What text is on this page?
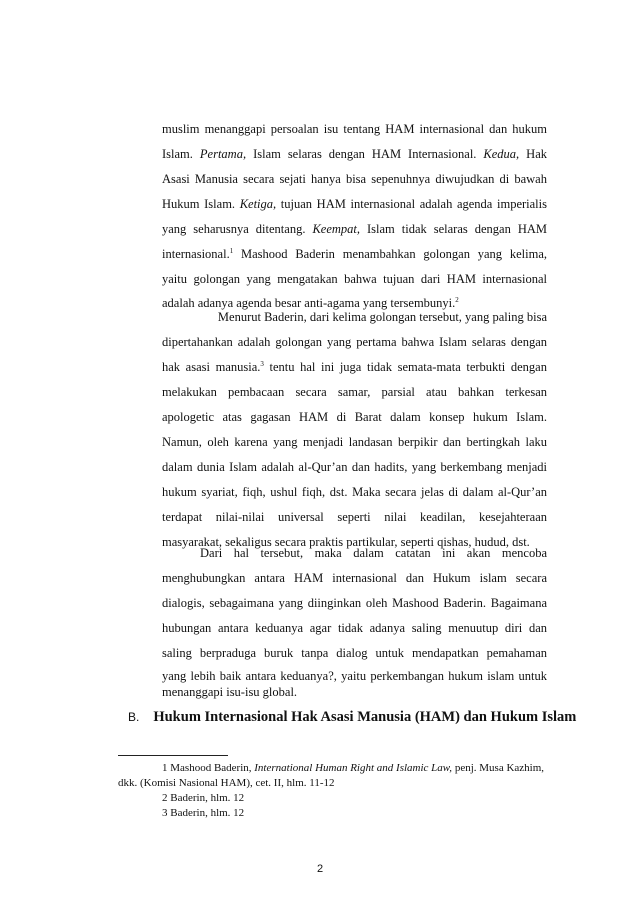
muslim menanggapi persoalan isu tentang HAM internasional dan hukum
Islam. Pertama, Islam selaras dengan HAM Internasional. Kedua, Hak
Asasi Manusia secara sejati hanya bisa sepenuhnya diwujudkan di bawah
Hukum Islam. Ketiga, tujuan HAM internasional adalah agenda imperialis
yang seharusnya ditentang. Keempat, Islam tidak selaras dengan HAM
internasional.$^1$ Mashood Baderin menambahkan golongan yang kelima,
yaitu golongan yang mengatakan bahwa tujuan dari HAM internasional
adalah adanya agenda besar anti-agama yang tersembunyi.$^2$
Menurut Baderin, dari kelima golongan tersebut, yang paling bisa
dipertahankan adalah golongan yang pertama bahwa Islam selaras dengan
hak asasi manusia.$^3$ tentu hal ini juga tidak semata-mata terbukti dengan
melakukan pembacaan secara samar, parsial atau bahkan terkesan
apologetic atas gagasan HAM di Barat dalam konsep hukum Islam.
Namun, oleh karena yang menjadi landasan berpikir dan bertingkah laku
dalam dunia Islam adalah al-Qur’an dan hadits, yang berkembang menjadi
hukum syariat, fiqh, ushul fiqh, dst. Maka secara jelas di dalam al-Qur’an
terdapat nilai-nilai universal seperti nilai keadilan, kesejahteraan
masyarakat, sekaligus secara praktis partikular, seperti qishas, hudud, dst.
Dari hal tersebut, maka dalam catatan ini akan mencoba
menghubungkan antara HAM internasional dan Hukum islam secara
dialogis, sebagaimana yang diinginkan oleh Mashood Baderin. Bagaimana
hubungan antara keduanya agar tidak adanya saling menuutup diri dan
saling berpraduga buruk tanpa dialog untuk mendapatkan pemahaman
yang lebih baik antara keduanya?, yaitu perkembangan hukum islam untuk
menanggapi isu-isu global.
B. Hukum Internasional Hak Asasi Manusia (HAM) dan Hukum Islam
1 Mashood Baderin, International Human Right and Islamic Law, penj. Musa Kazhim,
dkk. (Komisi Nasional HAM), cet. II, hlm. 11-12
2 Baderin, hlm. 12
3 Baderin, hlm. 12
2
